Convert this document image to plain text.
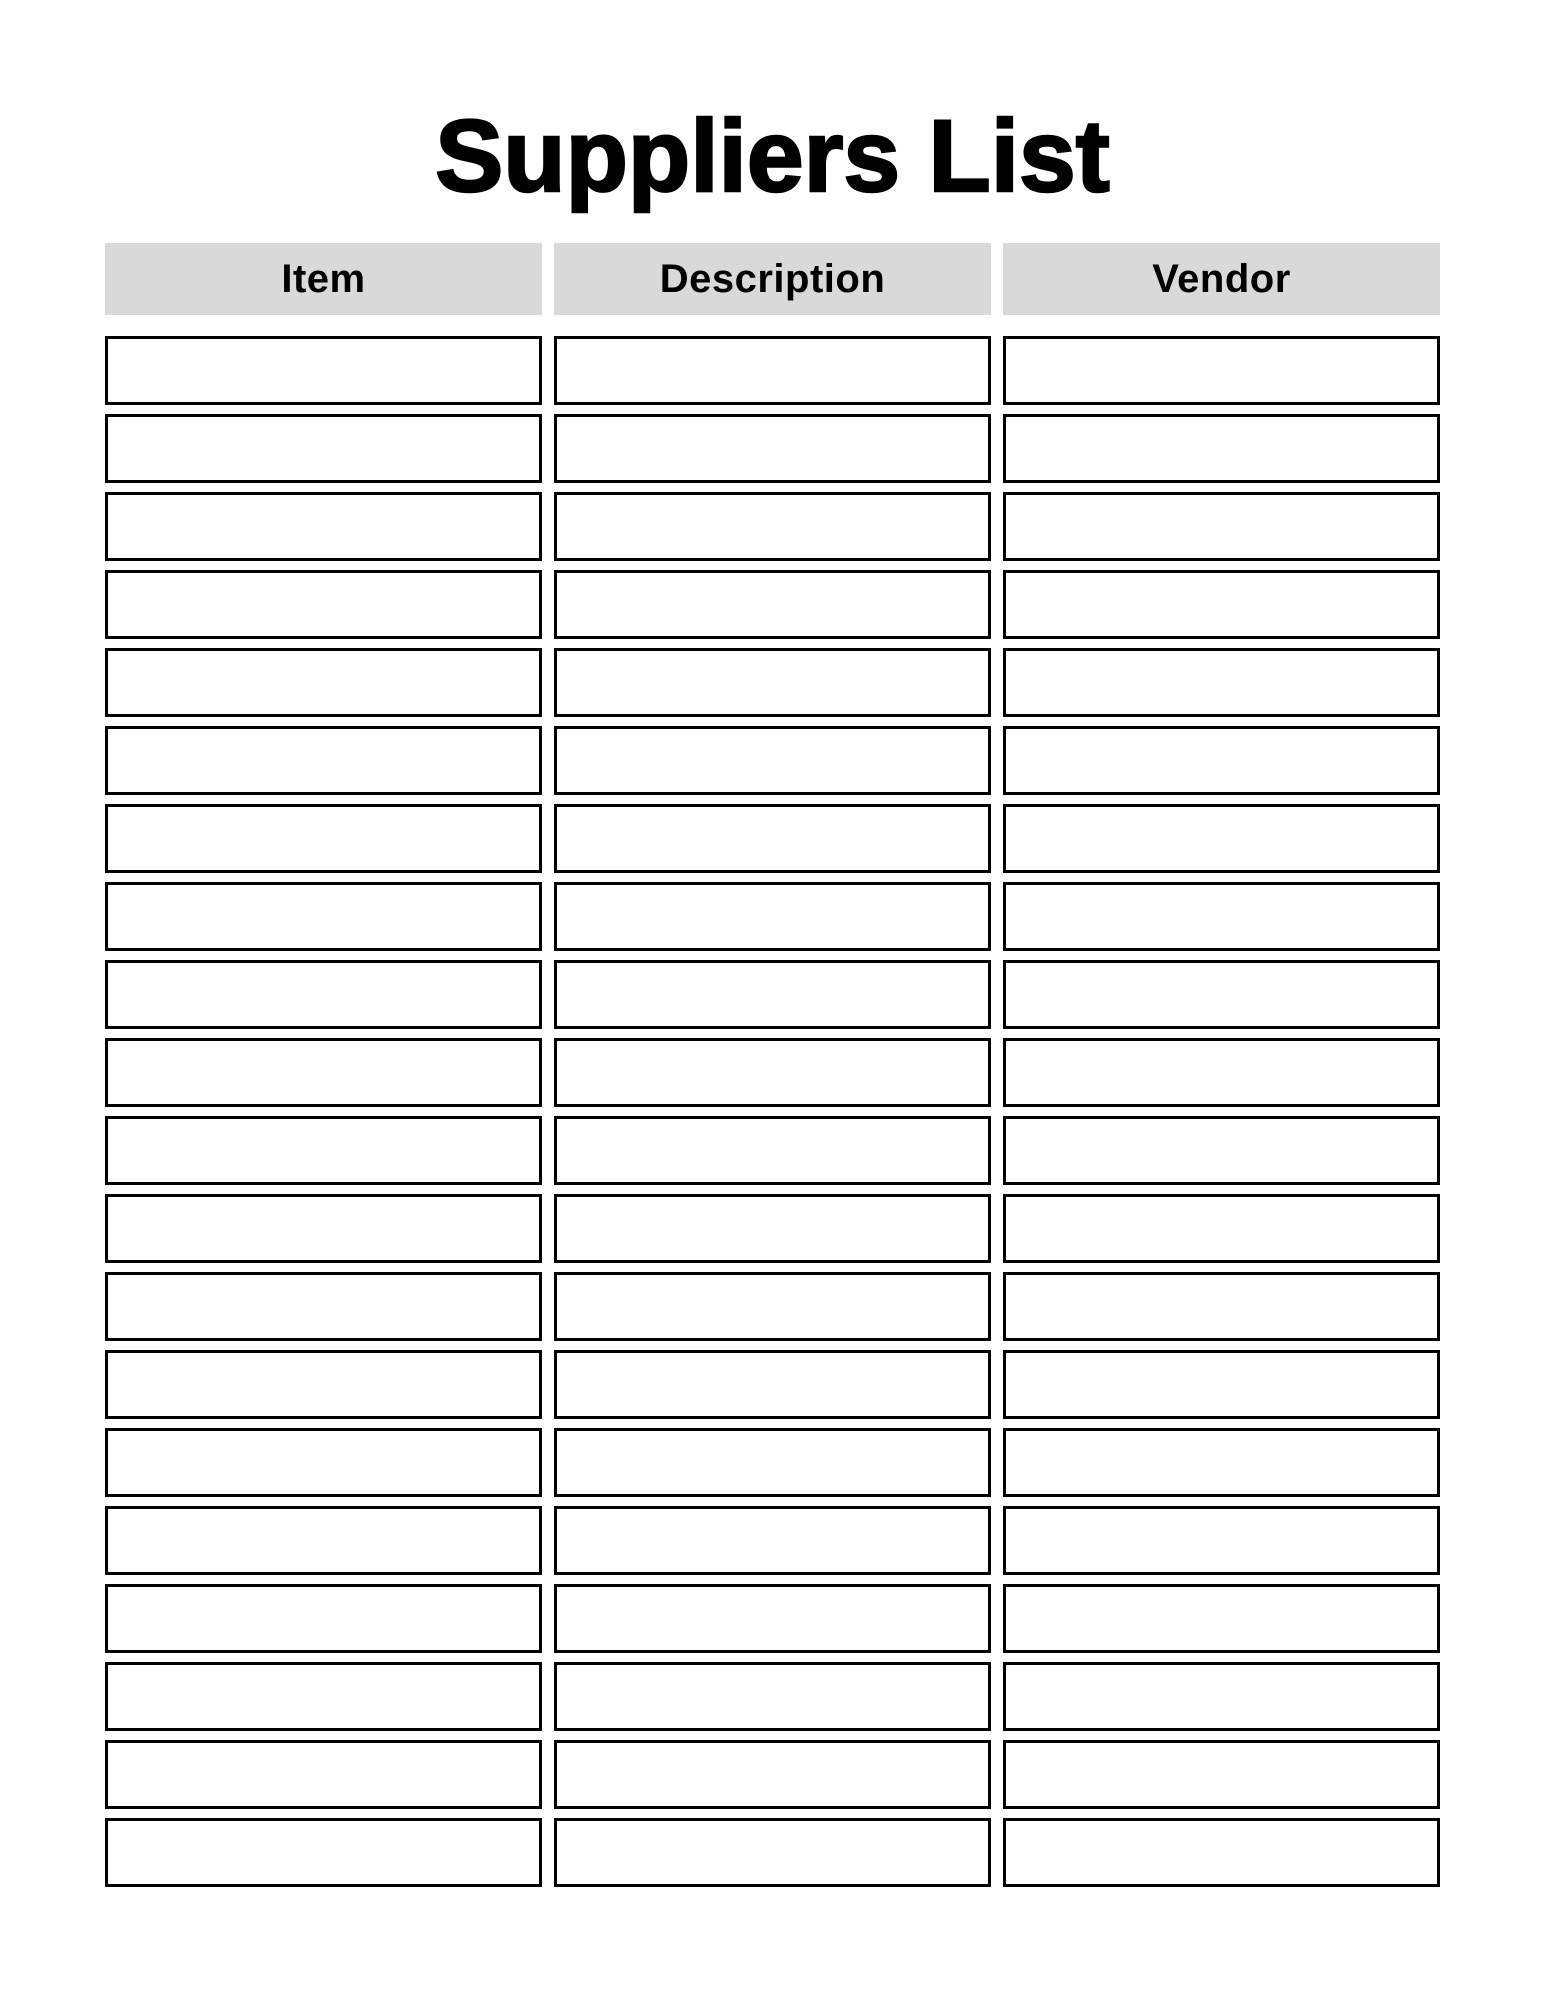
Suppliers List
Item	Description	Vendor
